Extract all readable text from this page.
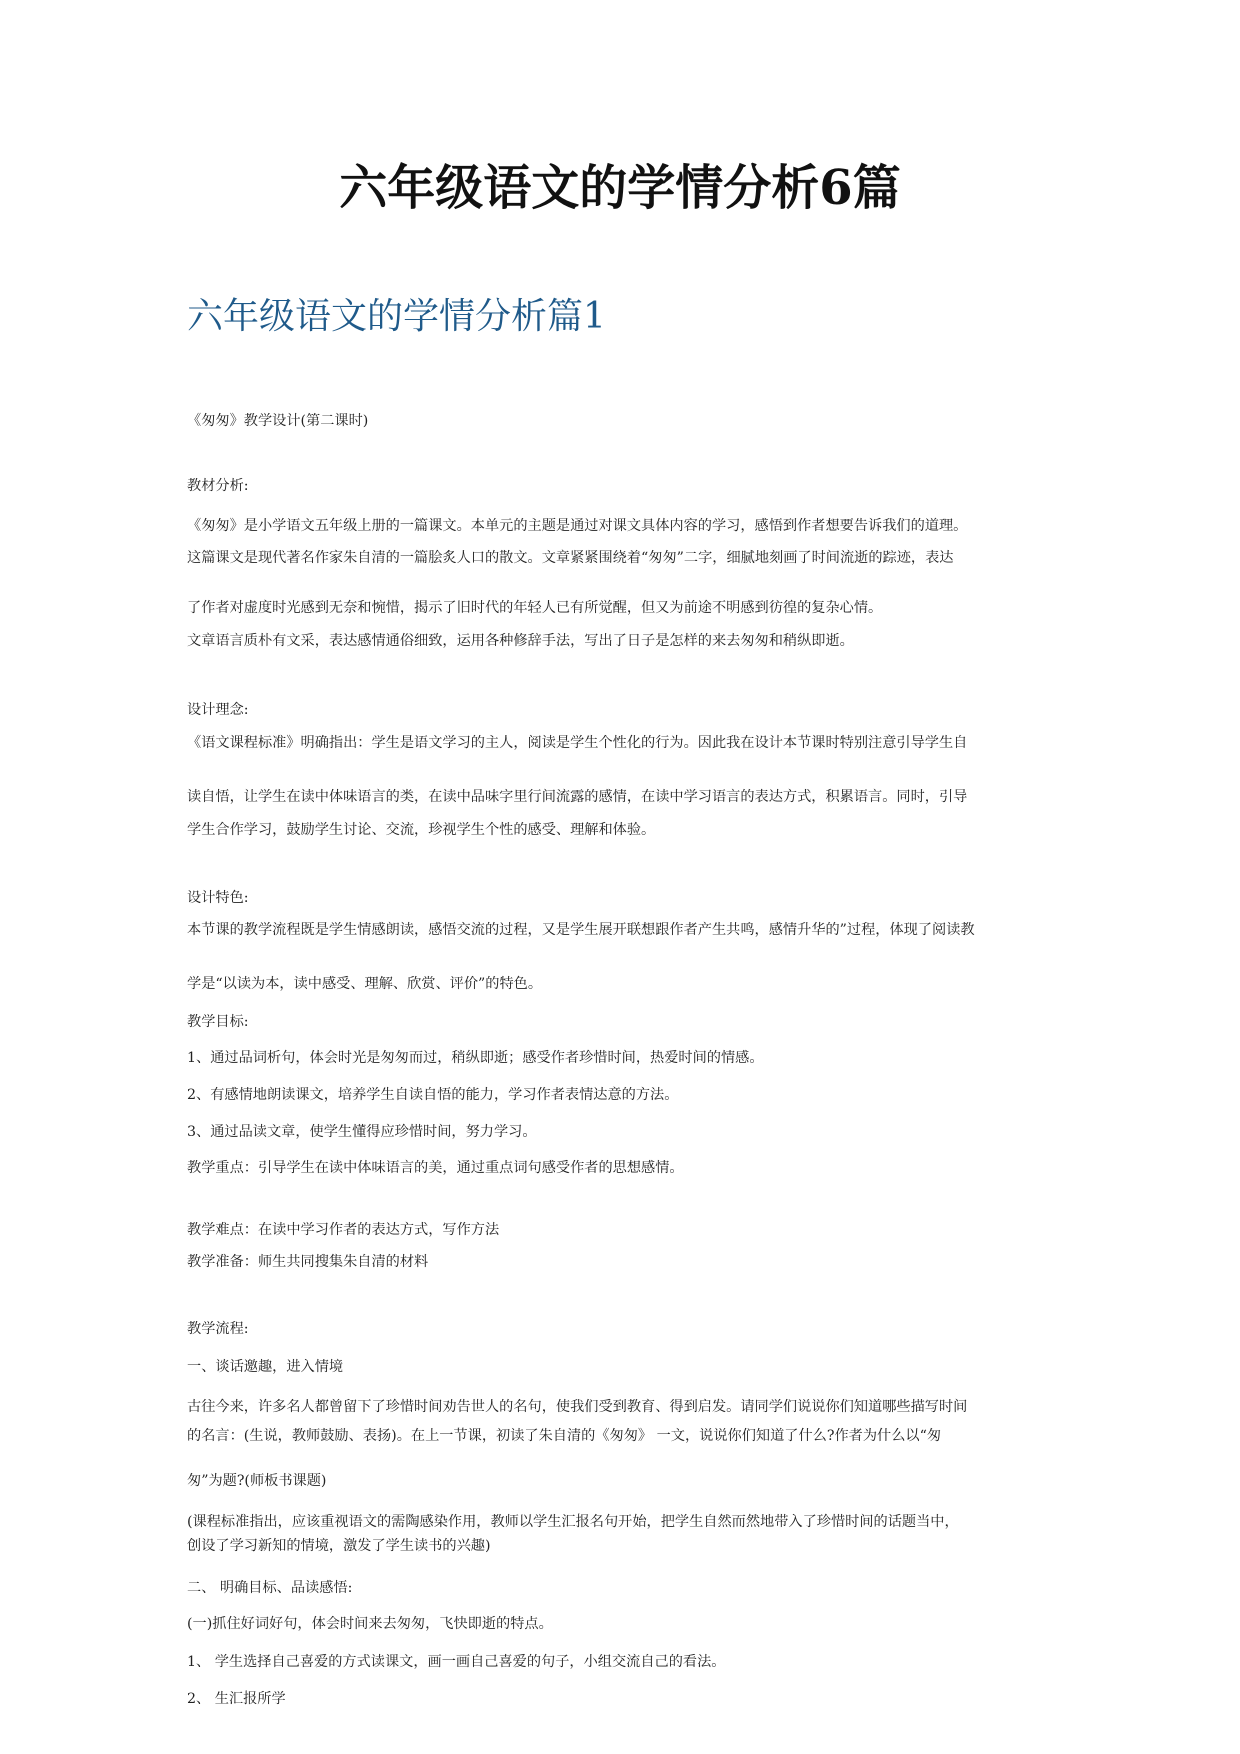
六年级语文的学情分析6篇
六年级语文的学情分析篇1
《匆匆》教学设计(第二课时)
教材分析:
《匆匆》是小学语文五年级上册的一篇课文。本单元的主题是通过对课文具体内容的学习，感悟到作者想要告诉我们的道理。
这篇课文是现代著名作家朱自清的一篇脍炙人口的散文。文章紧紧围绕着“匆匆”二字，细腻地刻画了时间流逝的踪迹，表达
了作者对虚度时光感到无奈和惋惜，揭示了旧时代的年轻人已有所觉醒，但又为前途不明感到彷徨的复杂心情。
文章语言质朴有文采，表达感情通俗细致，运用各种修辞手法，写出了日子是怎样的来去匆匆和稍纵即逝。
设计理念:
《语文课程标准》明确指出：学生是语文学习的主人，阅读是学生个性化的行为。因此我在设计本节课时特别注意引导学生自
读自悟，让学生在读中体味语言的类，在读中品味字里行间流露的感情，在读中学习语言的表达方式，积累语言。同时，引导
学生合作学习，鼓励学生讨论、交流，珍视学生个性的感受、理解和体验。
设计特色:
本节课的教学流程既是学生情感朗读，感悟交流的过程，又是学生展开联想跟作者产生共鸣，感情升华的”过程，体现了阅读教
学是“以读为本，读中感受、理解、欣赏、评价”的特色。
教学目标:
1、通过品词析句，体会时光是匆匆而过，稍纵即逝；感受作者珍惜时间，热爱时间的情感。
2、有感情地朗读课文，培养学生自读自悟的能力，学习作者表情达意的方法。
3、通过品读文章，使学生懂得应珍惜时间，努力学习。
教学重点：引导学生在读中体味语言的美，通过重点词句感受作者的思想感情。
教学难点：在读中学习作者的表达方式，写作方法
教学准备：师生共同搜集朱自清的材料
教学流程:
一、谈话邀趣，进入情境
古往今来，许多名人都曾留下了珍惜时间劝告世人的名句，使我们受到教育、得到启发。请同学们说说你们知道哪些描写时间
的名言：(生说，教师鼓励、表扬)。在上一节课，初读了朱自清的《匆匆》 一文，说说你们知道了什么?作者为什么以“匆
匆”为题?(师板书课题)
(课程标准指出，应该重视语文的需陶感染作用，教师以学生汇报名句开始，把学生自然而然地带入了珍惜时间的话题当中，
创设了学习新知的情境，激发了学生读书的兴趣)
二、 明确目标、品读感悟:
(一)抓住好词好句，体会时间来去匆匆，飞快即逝的特点。
1、 学生选择自己喜爱的方式读课文，画一画自己喜爱的句子，小组交流自己的看法。
2、 生汇报所学
